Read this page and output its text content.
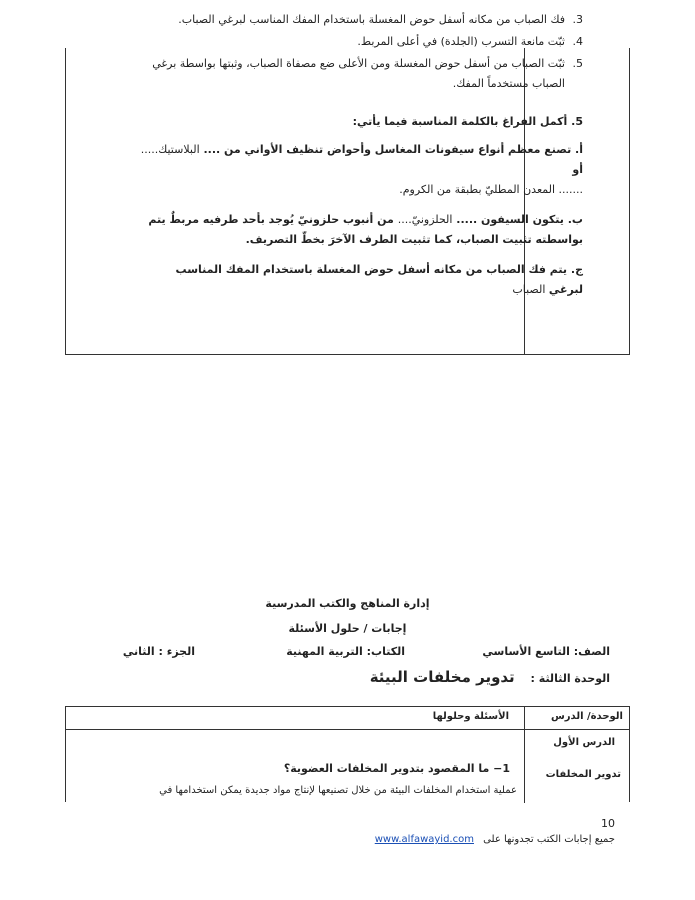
3.
فك الصباب من مكانه أسفل حوض المغسلة باستخدام المفك المناسب لبرغي الصباب.
4.
ثبّت مانعة التسرب (الجلدة) في أعلى المربط.
5.
ثبّت الصباب من أسفل حوض المغسلة ومن الأعلى ضع مصفاة الصباب، وثبتها بواسطة برغي الصباب مستخدماً المفك.
5. أكمل الفراغ بالكلمة المناسبة فيما يأتي:
أ. تصنع معظم أنواع سيفونات المغاسل وأحواض تنظيف الأواني من .... البلاستيك..... أو
....... المعدن المطليّ بطبقة من الكروم.
ب. يتكون السيفون ..... الحلزونيّ.... من أنبوب حلزونيّ يُوجد بأحد طرفيه مربطٌ يتم بواسطته تثبيت الصباب، كما تثبيت الطرف الآخرَ بخطّ التصريف.
ج. يتم فك الصباب من مكانه أسفل حوض المغسلة باستخدام المفك المناسب لبرغي الصباب
إدارة المناهج والكتب المدرسية
إجابات / حلول الأسئلة
الصف: التاسع الأساسي
الكتاب: التربية المهنية
الجزء : الثاني
الوحدة الثالثة : تدوير مخلفات البيئة
الوحدة/ الدرس
الأسئلة وحلولها
الدرس الأول
تدوير المخلفات
1− ما المقصود بتدوير المخلفات العضوية؟
عملية استخدام المخلفات البيئة من خلال تصنيعها لإنتاج مواد جديدة يمكن استخدامها في
10
جميع إجابات الكتب تجدونها على www.alfawayid.com
